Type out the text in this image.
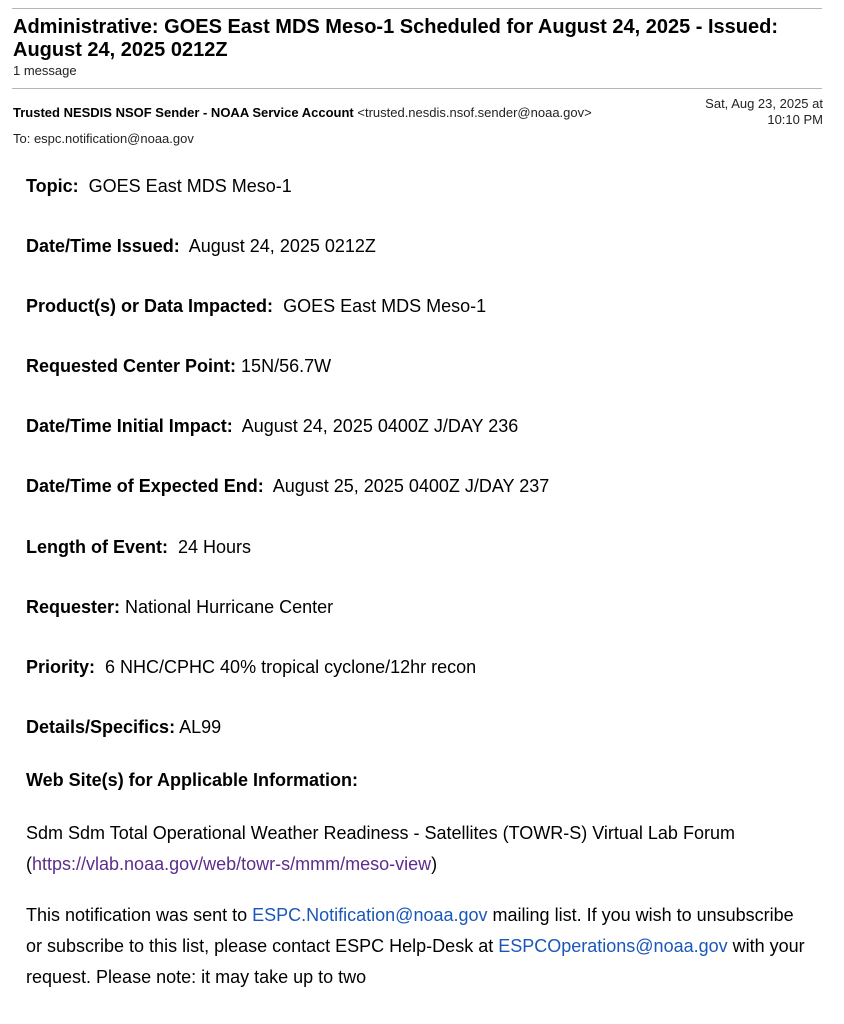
Administrative: GOES East MDS Meso-1 Scheduled for August 24, 2025 - Issued: August 24, 2025 0212Z
1 message
Trusted NESDIS NSOF Sender - NOAA Service Account <trusted.nesdis.nsof.sender@noaa.gov>
Sat, Aug 23, 2025 at
10:10 PM
To: espc.notification@noaa.gov
Topic: GOES East MDS Meso-1
Date/Time Issued: August 24, 2025 0212Z
Product(s) or Data Impacted: GOES East MDS Meso-1
Requested Center Point: 15N/56.7W
Date/Time Initial Impact: August 24, 2025 0400Z J/DAY 236
Date/Time of Expected End: August 25, 2025 0400Z J/DAY 237
Length of Event: 24 Hours
Requester: National Hurricane Center
Priority: 6 NHC/CPHC 40% tropical cyclone/12hr recon
Details/Specifics: AL99
Web Site(s) for Applicable Information:
Sdm Sdm Total Operational Weather Readiness - Satellites (TOWR-S) Virtual Lab Forum  (https://vlab.noaa.gov/web/towr-s/mmm/meso-view)
This notification was sent to ESPC.Notification@noaa.gov mailing list. If you wish to unsubscribe or subscribe to this list, please contact ESPC Help-Desk at ESPCOperations@noaa.gov with your request. Please note: it may take up to two
